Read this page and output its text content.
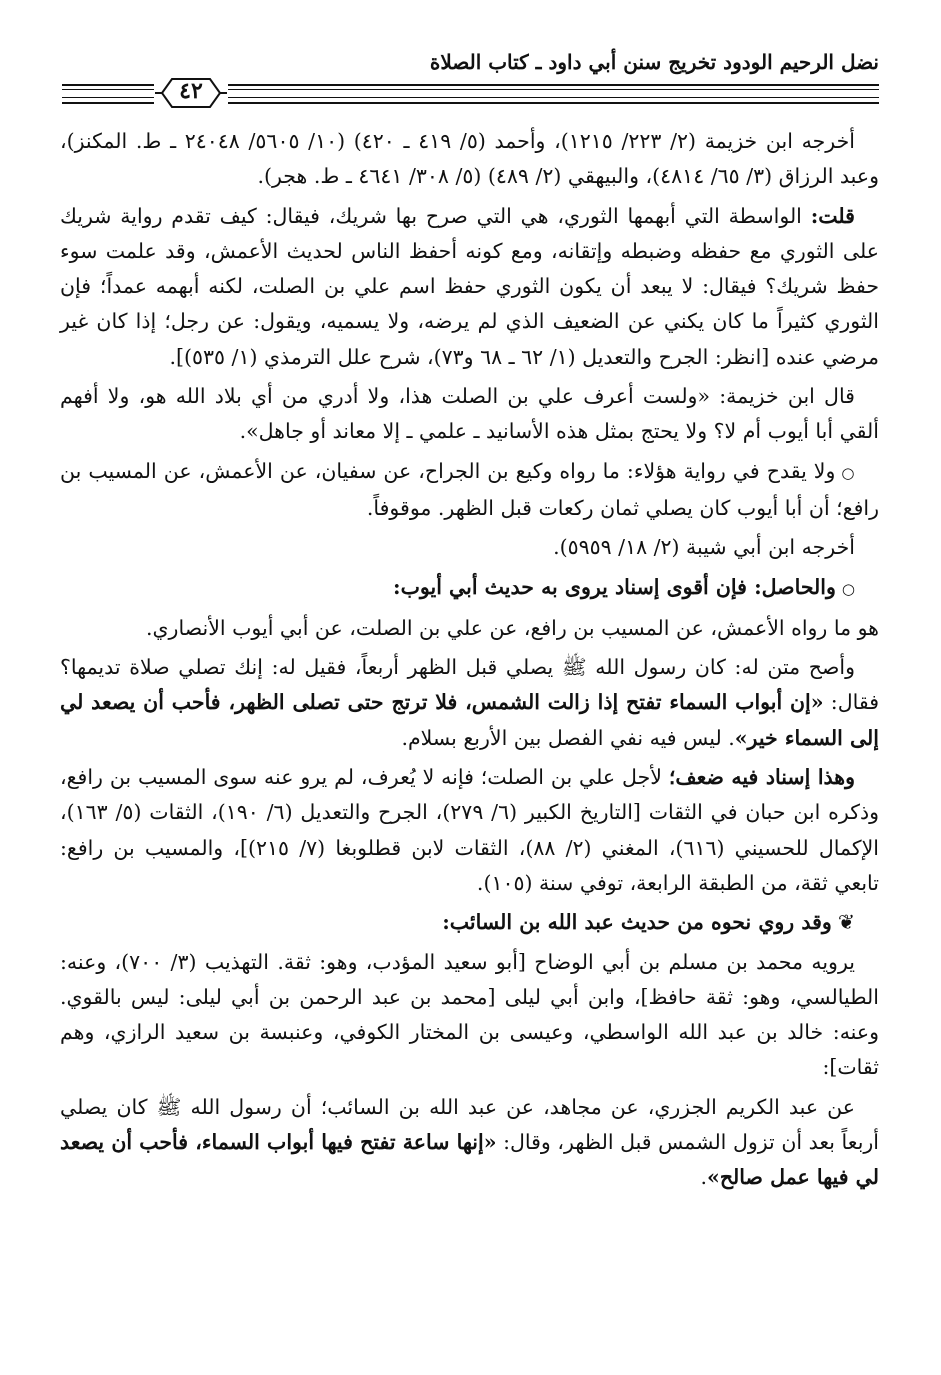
نضل الرحيم الودود تخريج سنن أبي داود ـ كتاب الصلاة
٤٢

أخرجه ابن خزيمة (٢/ ٢٢٣/ ١٢١٥)، وأحمد (٥/ ٤١٩ ـ ٤٢٠) (١٠/ ٥٦٠٥/ ٢٤٠٤٨ ـ ط. المكنز)، وعبد الرزاق (٣/ ٦٥/ ٤٨١٤)، والبيهقي (٢/ ٤٨٩) (٥/ ٣٠٨/ ٤٦٤١ ـ ط. هجر).

قلت: الواسطة التي أبهمها الثوري، هي التي صرح بها شريك، فيقال: كيف تقدم رواية شريك على الثوري مع حفظه وضبطه وإتقانه، ومع كونه أحفظ الناس لحديث الأعمش، وقد علمت سوء حفظ شريك؟ فيقال: لا يبعد أن يكون الثوري حفظ اسم علي بن الصلت، لكنه أبهمه عمداً؛ فإن الثوري كثيراً ما كان يكني عن الضعيف الذي لم يرضه، ولا يسميه، ويقول: عن رجل؛ إذا كان غير مرضي عنده [انظر: الجرح والتعديل (١/ ٦٢ ـ ٦٨ و٧٣)، شرح علل الترمذي (١/ ٥٣٥)].

قال ابن خزيمة: «ولست أعرف علي بن الصلت هذا، ولا أدري من أي بلاد الله هو، ولا أفهم ألقي أبا أيوب أم لا؟ ولا يحتج بمثل هذه الأسانيد ـ علمي ـ إلا معاند أو جاهل».

○ولا يقدح في رواية هؤلاء: ما رواه وكيع بن الجراح، عن سفيان، عن الأعمش، عن المسيب بن رافع؛ أن أبا أيوب كان يصلي ثمان ركعات قبل الظهر. موقوفاً.

أخرجه ابن أبي شيبة (٢/ ١٨/ ٥٩٥٩).

○والحاصل: فإن أقوى إسناد يروى به حديث أبي أيوب:

هو ما رواه الأعمش، عن المسيب بن رافع، عن علي بن الصلت، عن أبي أيوب الأنصاري.

وأصح متن له: كان رسول الله ﷺ يصلي قبل الظهر أربعاً، فقيل له: إنك تصلي صلاة تديمها؟ فقال: «إن أبواب السماء تفتح إذا زالت الشمس، فلا ترتج حتى تصلى الظهر، فأحب أن يصعد لي إلى السماء خير». ليس فيه نفي الفصل بين الأربع بسلام.

وهذا إسناد فيه ضعف؛ لأجل علي بن الصلت؛ فإنه لا يُعرف، لم يرو عنه سوى المسيب بن رافع، وذكره ابن حبان في الثقات [التاريخ الكبير (٦/ ٢٧٩)، الجرح والتعديل (٦/ ١٩٠)، الثقات (٥/ ١٦٣)، الإكمال للحسيني (٦١٦)، المغني (٢/ ٨٨)، الثقات لابن قطلوبغا (٧/ ٢١٥)]، والمسيب بن رافع: تابعي ثقة، من الطبقة الرابعة، توفي سنة (١٠٥).

❦وقد روي نحوه من حديث عبد الله بن السائب:

يرويه محمد بن مسلم بن أبي الوضاح [أبو سعيد المؤدب، وهو: ثقة. التهذيب (٣/ ٧٠٠)، وعنه: الطيالسي، وهو: ثقة حافظ]، وابن أبي ليلى [محمد بن عبد الرحمن بن أبي ليلى: ليس بالقوي. وعنه: خالد بن عبد الله الواسطي، وعيسى بن المختار الكوفي، وعنبسة بن سعيد الرازي، وهم ثقات]:

عن عبد الكريم الجزري، عن مجاهد، عن عبد الله بن السائب؛ أن رسول الله ﷺ كان يصلي أربعاً بعد أن تزول الشمس قبل الظهر، وقال: «إنها ساعة تفتح فيها أبواب السماء، فأحب أن يصعد لي فيها عمل صالح».
